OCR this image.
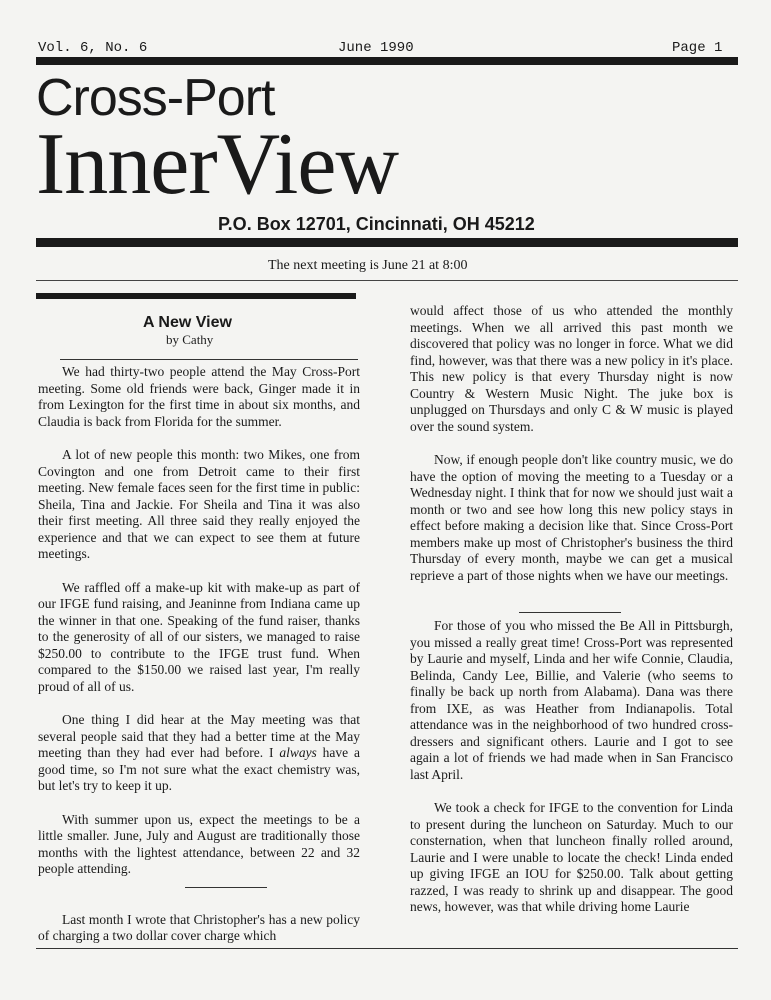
Vol. 6, No. 6	June 1990	Page 1
Cross-Port
InnerView
P.O. Box 12701, Cincinnati, OH 45212
The next meeting is June 21 at 8:00
A New View
by Cathy

We had thirty-two people attend the May Cross-Port meeting. Some old friends were back, Ginger made it in from Lexington for the first time in about six months, and Claudia is back from Florida for the summer.

A lot of new people this month: two Mikes, one from Covington and one from Detroit came to their first meeting. New female faces seen for the first time in public: Sheila, Tina and Jackie. For Sheila and Tina it was also their first meeting. All three said they really enjoyed the experience and that we can expect to see them at future meetings.

We raffled off a make-up kit with make-up as part of our IFGE fund raising, and Jeaninne from Indiana came up the winner in that one. Speaking of the fund raiser, thanks to the generosity of all of our sisters, we managed to raise $250.00 to contribute to the IFGE trust fund. When compared to the $150.00 we raised last year, I'm really proud of all of us.

One thing I did hear at the May meeting was that several people said that they had a better time at the May meeting than they had ever had before. I always have a good time, so I'm not sure what the exact chemistry was, but let's try to keep it up.

With summer upon us, expect the meetings to be a little smaller. June, July and August are traditionally those months with the lightest attendance, between 22 and 32 people attending.

Last month I wrote that Christopher's has a new policy of charging a two dollar cover charge which

would affect those of us who attended the monthly meetings. When we all arrived this past month we discovered that policy was no longer in force. What we did find, however, was that there was a new policy in it's place. This new policy is that every Thursday night is now Country & Western Music Night. The juke box is unplugged on Thursdays and only C & W music is played over the sound system.

Now, if enough people don't like country music, we do have the option of moving the meeting to a Tuesday or a Wednesday night. I think that for now we should just wait a month or two and see how long this new policy stays in effect before making a decision like that. Since Cross-Port members make up most of Christopher's business the third Thursday of every month, maybe we can get a musical reprieve a part of those nights when we have our meetings.

For those of you who missed the Be All in Pittsburgh, you missed a really great time! Cross-Port was represented by Laurie and myself, Linda and her wife Connie, Claudia, Belinda, Candy Lee, Billie, and Valerie (who seems to finally be back up north from Alabama). Dana was there from IXE, as was Heather from Indianapolis. Total attendance was in the neighborhood of two hundred cross-dressers and significant others. Laurie and I got to see again a lot of friends we had made when in San Francisco last April.

We took a check for IFGE to the convention for Linda to present during the luncheon on Saturday. Much to our consternation, when that luncheon finally rolled around, Laurie and I were unable to locate the check! Linda ended up giving IFGE an IOU for $250.00. Talk about getting razzed, I was ready to shrink up and disappear. The good news, however, was that while driving home Laurie
